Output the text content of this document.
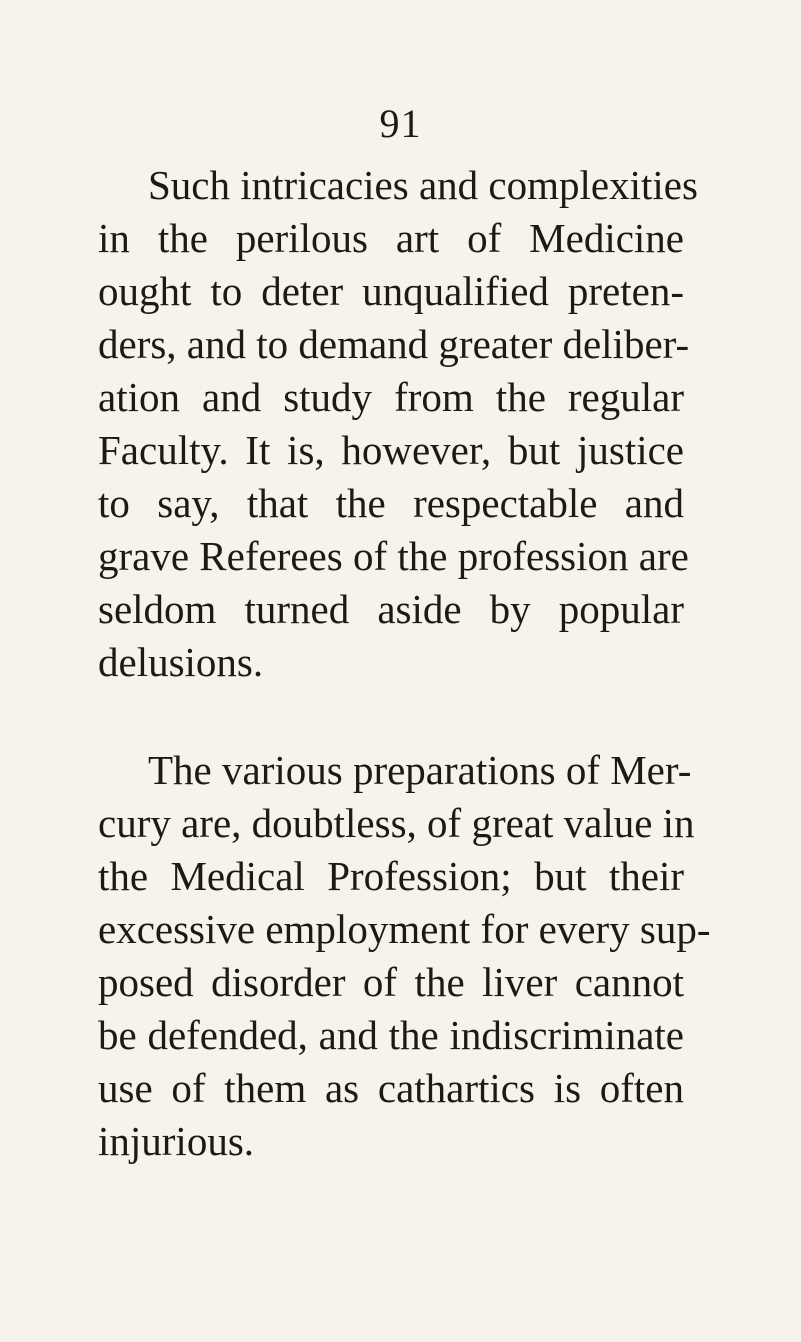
91
Such intricacies and complexities
in the perilous art of Medicine
ought to deter unqualified preten-
ders, and to demand greater deliber-
ation and study from the regular
Faculty. It is, however, but justice
to say, that the respectable and
grave Referees of the profession are
seldom turned aside by popular
delusions.
The various preparations of Mer-
cury are, doubtless, of great value in
the Medical Profession; but their
excessive employment for every sup-
posed disorder of the liver cannot
be defended, and the indiscriminate
use of them as cathartics is often
injurious.
